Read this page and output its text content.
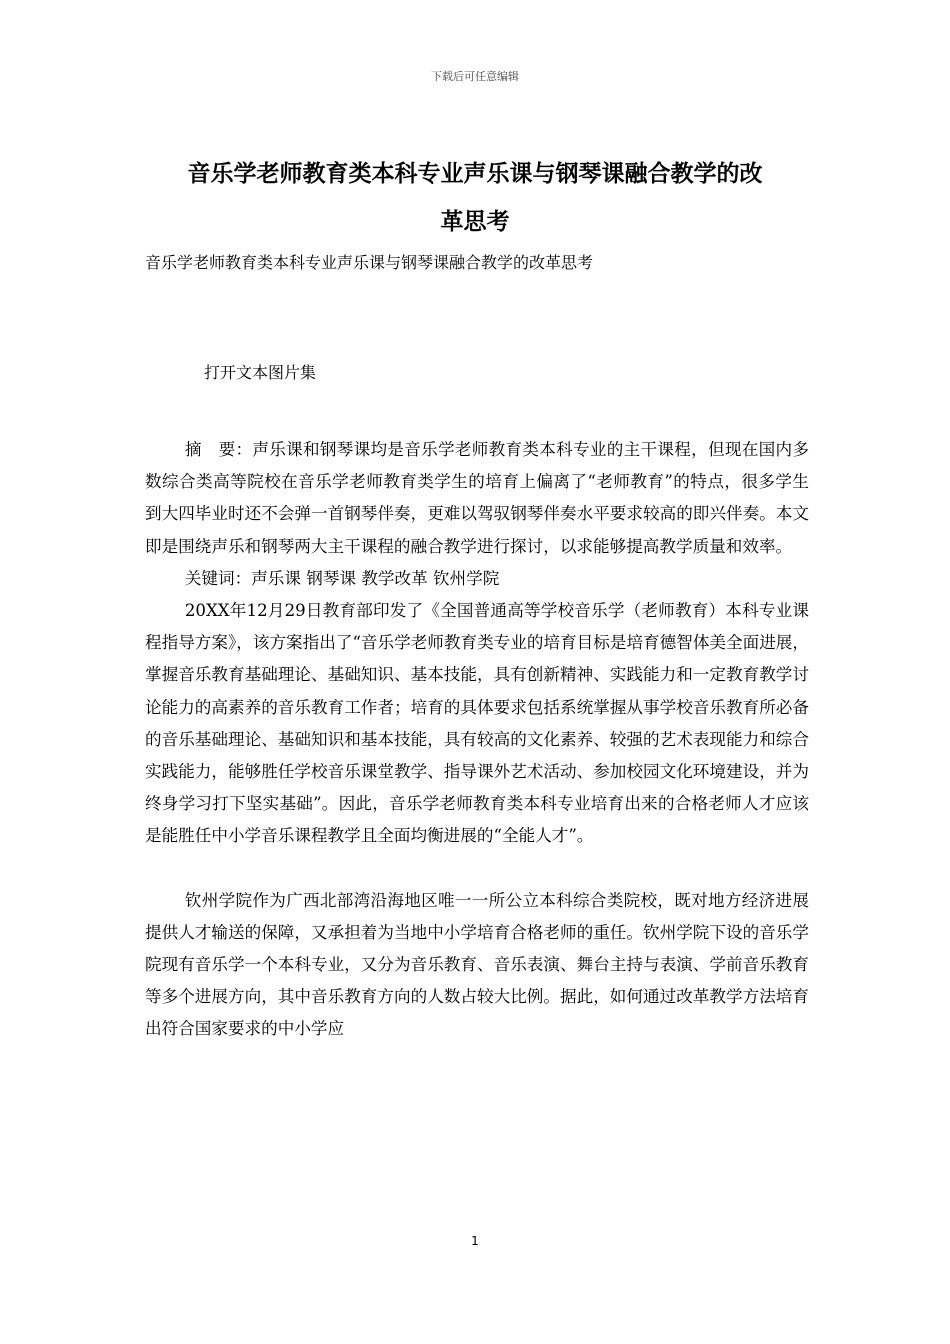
下载后可任意编辑
音乐学老师教育类本科专业声乐课与钢琴课融合教学的改
革思考
音乐学老师教育类本科专业声乐课与钢琴课融合教学的改革思考
打开文本图片集

摘　要：声乐课和钢琴课均是音乐学老师教育类本科专业的主干课程，但现在国内多数综合类高等院校在音乐学老师教育类学生的培育上偏离了“老师教育”的特点，很多学生到大四毕业时还不会弹一首钢琴伴奏，更难以驾驭钢琴伴奏水平要求较高的即兴伴奏。本文即是围绕声乐和钢琴两大主干课程的融合教学进行探讨，以求能够提高教学质量和效率。

关键词：声乐课 钢琴课 教学改革 钦州学院

20XX年12月29日教育部印发了《全国普通高等学校音乐学（老师教育）本科专业课程指导方案》，该方案指出了“音乐学老师教育类专业的培育目标是培育德智体美全面进展，掌握音乐教育基础理论、基础知识、基本技能，具有创新精神、实践能力和一定教育教学讨论能力的高素养的音乐教育工作者；培育的具体要求包括系统掌握从事学校音乐教育所必备的音乐基础理论、基础知识和基本技能，具有较高的文化素养、较强的艺术表现能力和综合实践能力，能够胜任学校音乐课堂教学、指导课外艺术活动、参加校园文化环境建设，并为终身学习打下坚实基础”。因此，音乐学老师教育类本科专业培育出来的合格老师人才应该是能胜任中小学音乐课程教学且全面均衡进展的“全能人才”。

钦州学院作为广西北部湾沿海地区唯一一所公立本科综合类院校，既对地方经济进展提供人才输送的保障，又承担着为当地中小学培育合格老师的重任。钦州学院下设的音乐学院现有音乐学一个本科专业，又分为音乐教育、音乐表演、舞台主持与表演、学前音乐教育等多个进展方向，其中音乐教育方向的人数占较大比例。据此，如何通过改革教学方法培育出符合国家要求的中小学应

1
